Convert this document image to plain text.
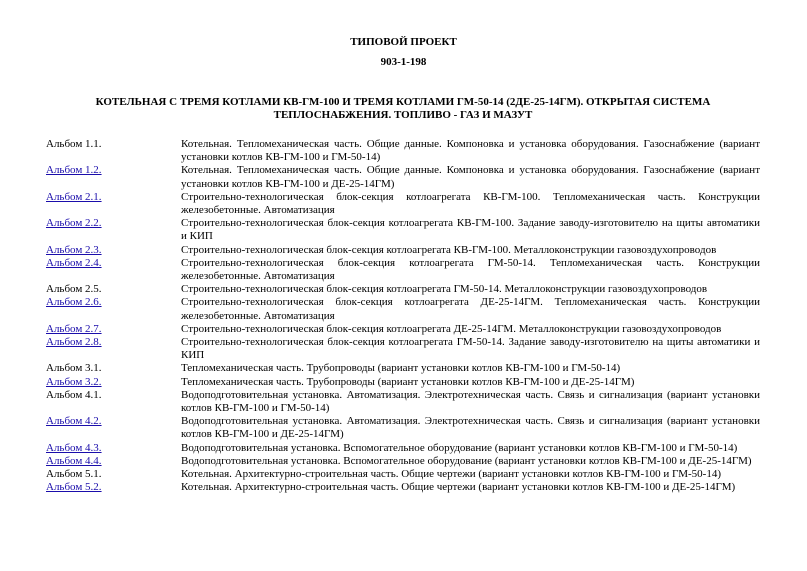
ТИПОВОЙ ПРОЕКТ
903-1-198
КОТЕЛЬНАЯ С ТРЕМЯ КОТЛАМИ КВ-ГМ-100 И ТРЕМЯ КОТЛАМИ ГМ-50-14 (2ДЕ-25-14ГМ). ОТКРЫТАЯ СИСТЕМА ТЕПЛОСНАБЖЕНИЯ. ТОПЛИВО - ГАЗ И МАЗУТ
Альбом 1.1.	Котельная. Тепломеханическая часть. Общие данные. Компоновка и установка оборудования. Газоснабжение (вариант установки котлов КВ-ГМ-100 и ГМ-50-14)
Альбом 1.2.	Котельная. Тепломеханическая часть. Общие данные. Компоновка и установка оборудования. Газоснабжение (вариант установки котлов КВ-ГМ-100 и ДЕ-25-14ГМ)
Альбом 2.1.	Строительно-технологическая блок-секция котлоагрегата КВ-ГМ-100. Тепломеханическая часть. Конструкции железобетонные. Автоматизация
Альбом 2.2.	Строительно-технологическая блок-секция котлоагрегата КВ-ГМ-100. Задание заводу-изготовителю на щиты автоматики и КИП
Альбом 2.3.	Строительно-технологическая блок-секция котлоагрегата КВ-ГМ-100. Металлоконструкции газовоздухопроводов
Альбом 2.4.	Строительно-технологическая блок-секция котлоагрегата ГМ-50-14. Тепломеханическая часть. Конструкции железобетонные. Автоматизация
Альбом 2.5.	Строительно-технологическая блок-секция котлоагрегата ГМ-50-14. Металлоконструкции газовоздухопроводов
Альбом 2.6.	Строительно-технологическая блок-секция котлоагрегата ДЕ-25-14ГМ. Тепломеханическая часть. Конструкции железобетонные. Автоматизация
Альбом 2.7.	Строительно-технологическая блок-секция котлоагрегата ДЕ-25-14ГМ. Металлоконструкции газовоздухопроводов
Альбом 2.8.	Строительно-технологическая блок-секция котлоагрегата ГМ-50-14. Задание заводу-изготовителю на щиты автоматики и КИП
Альбом 3.1.	Тепломеханическая часть. Трубопроводы (вариант установки котлов КВ-ГМ-100 и ГМ-50-14)
Альбом 3.2.	Тепломеханическая часть. Трубопроводы (вариант установки котлов КВ-ГМ-100 и ДЕ-25-14ГМ)
Альбом 4.1.	Водоподготовительная установка. Автоматизация. Электротехническая часть. Связь и сигнализация (вариант установки котлов КВ-ГМ-100 и ГМ-50-14)
Альбом 4.2.	Водоподготовительная установка. Автоматизация. Электротехническая часть. Связь и сигнализация (вариант установки котлов КВ-ГМ-100 и ДЕ-25-14ГМ)
Альбом 4.3.	Водоподготовительная установка. Вспомогательное оборудование (вариант установки котлов КВ-ГМ-100 и ГМ-50-14)
Альбом 4.4.	Водоподготовительная установка. Вспомогательное оборудование (вариант установки котлов КВ-ГМ-100 и ДЕ-25-14ГМ)
Альбом 5.1.	Котельная. Архитектурно-строительная часть. Общие чертежи (вариант установки котлов КВ-ГМ-100 и ГМ-50-14)
Альбом 5.2.	Котельная. Архитектурно-строительная часть. Общие чертежи (вариант установки котлов КВ-ГМ-100 и ДЕ-25-14ГМ)
